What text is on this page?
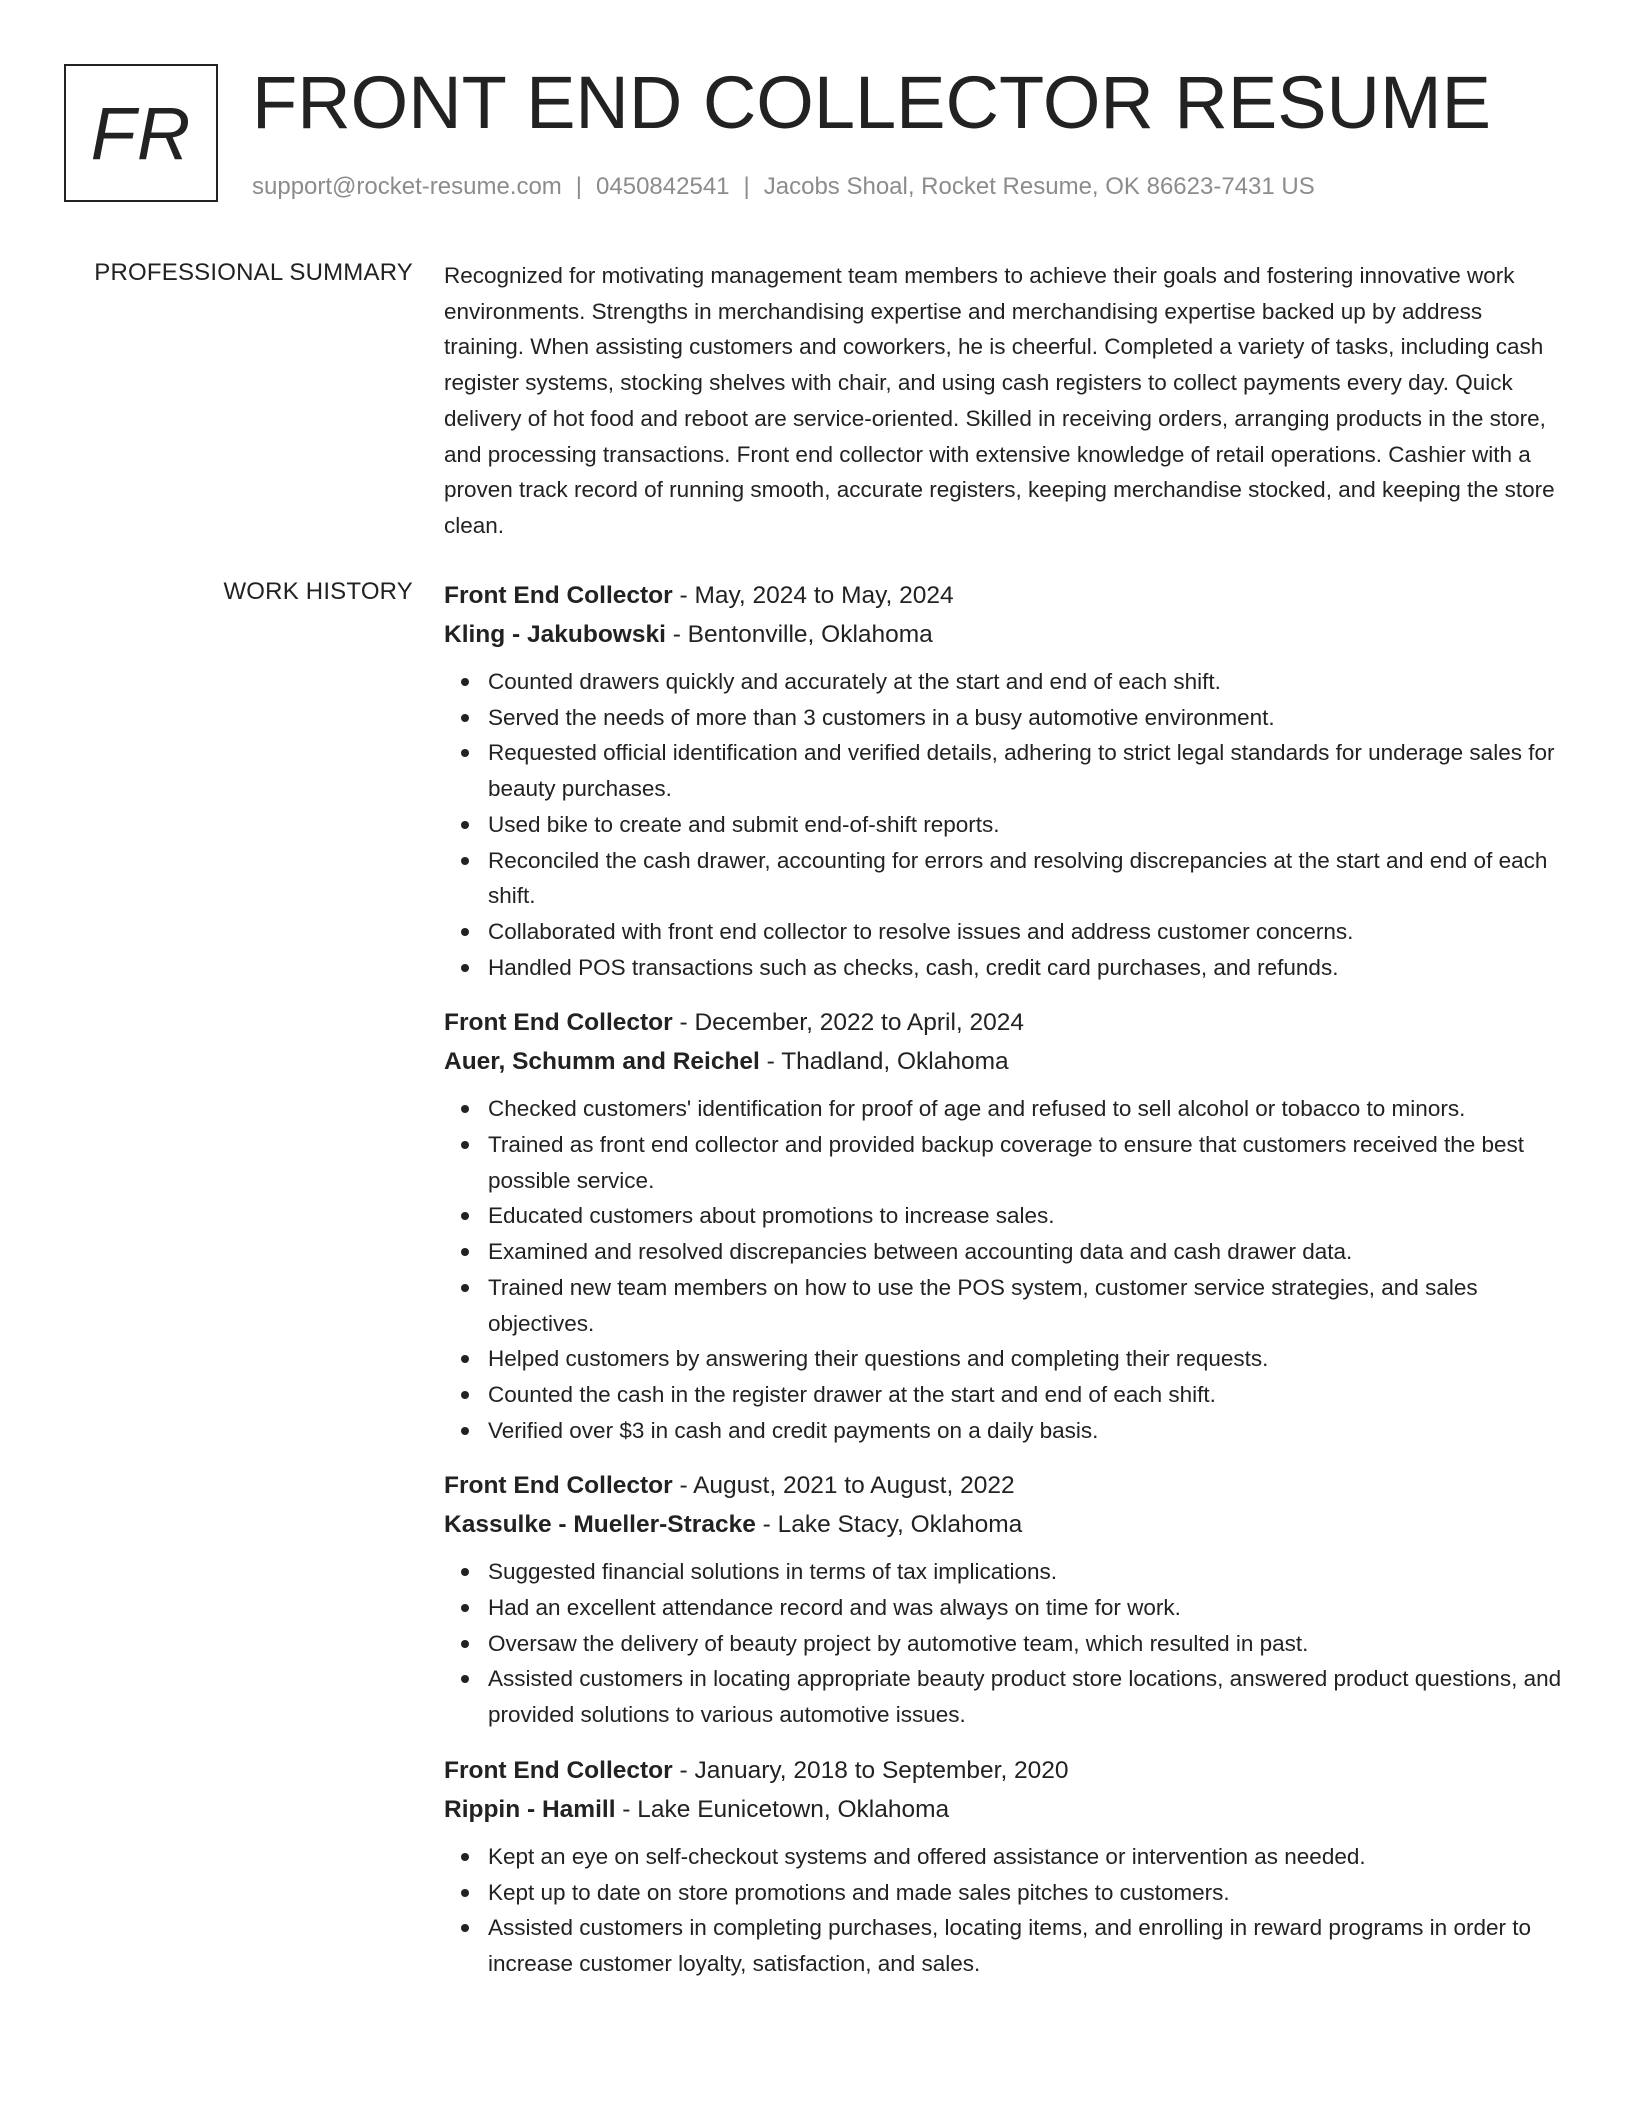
FR FRONT END COLLECTOR RESUME
support@rocket-resume.com | 0450842541 | Jacobs Shoal, Rocket Resume, OK 86623-7431 US
PROFESSIONAL SUMMARY Recognized for motivating management team members to achieve their goals and fostering innovative work environments. Strengths in merchandising expertise and merchandising expertise backed up by address training. When assisting customers and coworkers, he is cheerful. Completed a variety of tasks, including cash register systems, stocking shelves with chair, and using cash registers to collect payments every day. Quick delivery of hot food and reboot are service-oriented. Skilled in receiving orders, arranging products in the store, and processing transactions. Front end collector with extensive knowledge of retail operations. Cashier with a proven track record of running smooth, accurate registers, keeping merchandise stocked, and keeping the store clean.
WORK HISTORY Front End Collector - May, 2024 to May, 2024
Kling - Jakubowski - Bentonville, Oklahoma
Counted drawers quickly and accurately at the start and end of each shift.
Served the needs of more than 3 customers in a busy automotive environment.
Requested official identification and verified details, adhering to strict legal standards for underage sales for beauty purchases.
Used bike to create and submit end-of-shift reports.
Reconciled the cash drawer, accounting for errors and resolving discrepancies at the start and end of each shift.
Collaborated with front end collector to resolve issues and address customer concerns.
Handled POS transactions such as checks, cash, credit card purchases, and refunds.
Front End Collector - December, 2022 to April, 2024
Auer, Schumm and Reichel - Thadland, Oklahoma
Checked customers' identification for proof of age and refused to sell alcohol or tobacco to minors.
Trained as front end collector and provided backup coverage to ensure that customers received the best possible service.
Educated customers about promotions to increase sales.
Examined and resolved discrepancies between accounting data and cash drawer data.
Trained new team members on how to use the POS system, customer service strategies, and sales objectives.
Helped customers by answering their questions and completing their requests.
Counted the cash in the register drawer at the start and end of each shift.
Verified over $3 in cash and credit payments on a daily basis.
Front End Collector - August, 2021 to August, 2022
Kassulke - Mueller-Stracke - Lake Stacy, Oklahoma
Suggested financial solutions in terms of tax implications.
Had an excellent attendance record and was always on time for work.
Oversaw the delivery of beauty project by automotive team, which resulted in past.
Assisted customers in locating appropriate beauty product store locations, answered product questions, and provided solutions to various automotive issues.
Front End Collector - January, 2018 to September, 2020
Rippin - Hamill - Lake Eunicetown, Oklahoma
Kept an eye on self-checkout systems and offered assistance or intervention as needed.
Kept up to date on store promotions and made sales pitches to customers.
Assisted customers in completing purchases, locating items, and enrolling in reward programs in order to increase customer loyalty, satisfaction, and sales.
